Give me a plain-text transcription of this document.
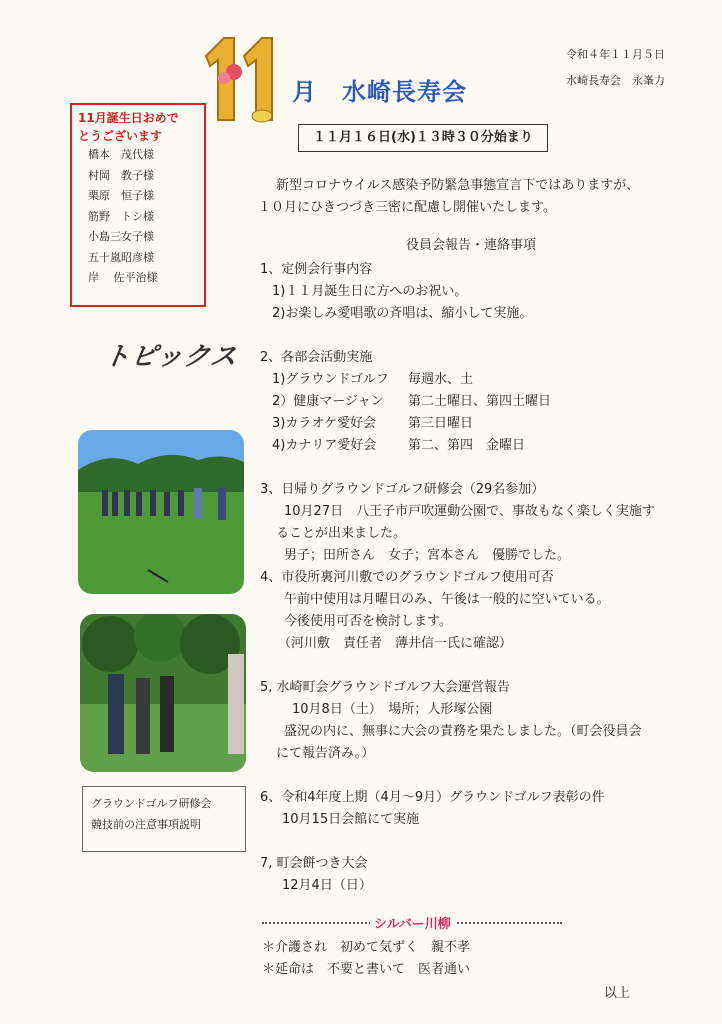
11 月　水崎長寿会
令和４年１１月５日
水崎長寿会　永峯力
11月誕生日おめで
とうございます
橋本　茂代様
村岡　教子様
栗原　恒子様
筋野　トシ様
小島三女子様
五十嵐昭彦様
岸　 佐平治様
トピックス
グラウンドゴルフ研修会
競技前の注意事項説明
１１月１６日(水)１３時３０分始まり
新型コロナウイルス感染予防緊急事態宣言下ではありますが、
１０月にひきつづき三密に配慮し開催いたします。
役員会報告・連絡事項
1、定例会行事内容
1)１１月誕生日に方へのお祝い。
2)お楽しみ愛唱歌の斉唱は、縮小して実施。
2、各部会活動実施
1)グラウンドゴルフ 毎週水、土
2）健康マージャン 第二土曜日、第四土曜日
3)カラオケ愛好会 第三日曜日
4)カナリア愛好会 第二、第四　金曜日
3、日帰りグラウンドゴルフ研修会（29名参加）
10月27日　八王子市戸吹運動公園で、事故もなく楽しく実施す
ることが出来ました。
男子；田所さん　女子；宮本さん　優勝でした。
4、市役所裏河川敷でのグラウンドゴルフ使用可否
午前中使用は月曜日のみ、午後は一般的に空いている。
今後使用可否を検討します。
（河川敷　責任者　薄井信一氏に確認）
5, 水崎町会グラウンドゴルフ大会運営報告
10月8日（土）　場所；人形塚公園
盛況の内に、無事に大会の責務を果たしました。（町会役員会
にて報告済み。）
6、令和4年度上期（4月～9月）グラウンドゴルフ表彰の件
10月15日会館にて実施
7, 町会餅つき大会
12月4日（日）
シルバー川柳
＊介護され　初めて気ずく　親不孝
＊延命は　不要と書いて　医者通い
以上
